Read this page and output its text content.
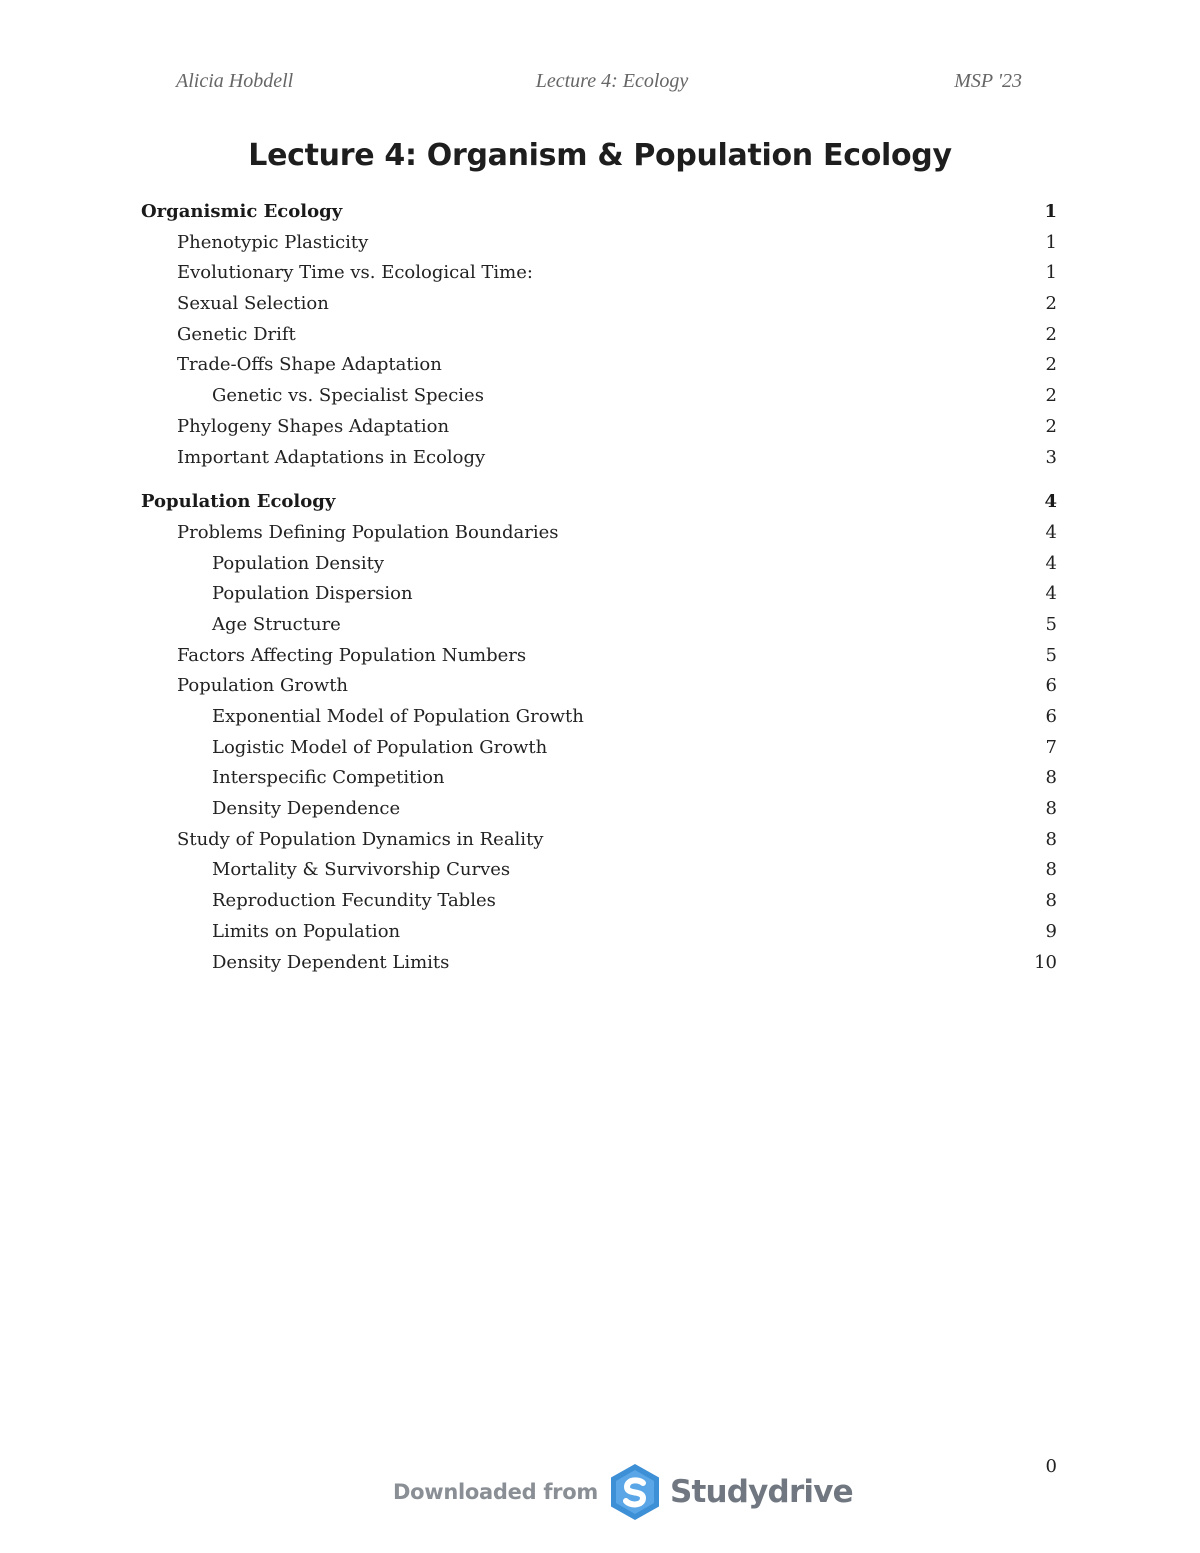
Alicia Hobdell	Lecture 4: Ecology	MSP '23
Lecture 4: Organism & Population Ecology
Organismic Ecology	1
Phenotypic Plasticity	1
Evolutionary Time vs. Ecological Time:	1
Sexual Selection	2
Genetic Drift	2
Trade-Offs Shape Adaptation	2
Genetic vs. Specialist Species	2
Phylogeny Shapes Adaptation	2
Important Adaptations in Ecology	3
Population Ecology	4
Problems Defining Population Boundaries	4
Population Density	4
Population Dispersion	4
Age Structure	5
Factors Affecting Population Numbers	5
Population Growth	6
Exponential Model of Population Growth	6
Logistic Model of Population Growth	7
Interspecific Competition	8
Density Dependence	8
Study of Population Dynamics in Reality	8
Mortality & Survivorship Curves	8
Reproduction Fecundity Tables	8
Limits on Population	9
Density Dependent Limits	10
0
Downloaded from Studydrive
